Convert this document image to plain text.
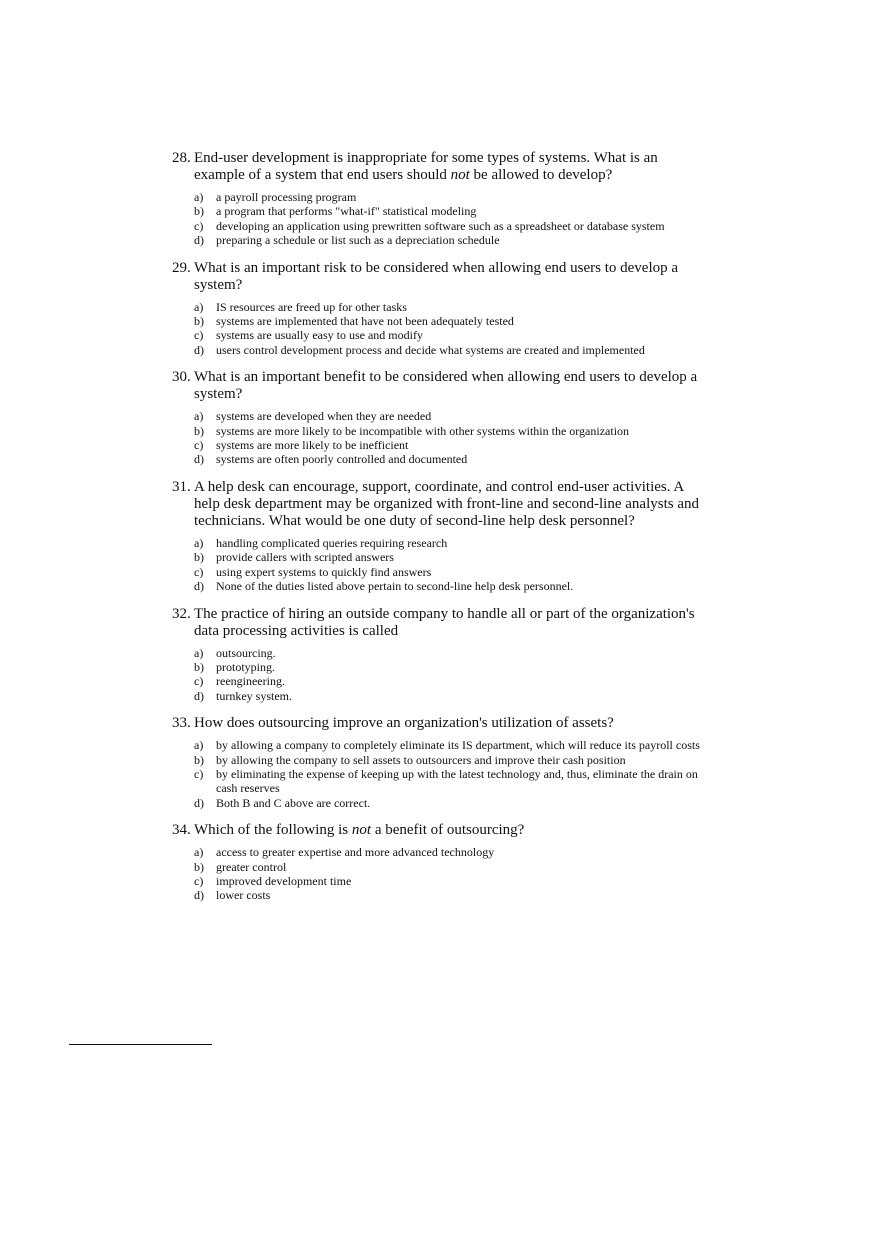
28. End-user development is inappropriate for some types of systems. What is an example of a system that end users should not be allowed to develop?
a)	a payroll processing program
b)	a program that performs "what-if" statistical modeling
c)	developing an application using prewritten software such as a spreadsheet or database system
d)	preparing a schedule or list such as a depreciation schedule
29. What is an important risk to be considered when allowing end users to develop a system?
a)	IS resources are freed up for other tasks
b)	systems are implemented that have not been adequately tested
c)	systems are usually easy to use and modify
d)	users control development process and decide what systems are created and implemented
30. What is an important benefit to be considered when allowing end users to develop a system?
a)	systems are developed when they are needed
b)	systems are more likely to be incompatible with other systems within the organization
c)	systems are more likely to be inefficient
d)	systems are often poorly controlled and documented
31. A help desk can encourage, support, coordinate, and control end-user activities. A help desk department may be organized with front-line and second-line analysts and technicians. What would be one duty of second-line help desk personnel?
a)	handling complicated queries requiring research
b)	provide callers with scripted answers
c)	using expert systems to quickly find answers
d)	None of the duties listed above pertain to second-line help desk personnel.
32. The practice of hiring an outside company to handle all or part of the organization's data processing activities is called
a)	outsourcing.
b)	prototyping.
c)	reengineering.
d)	turnkey system.
33. How does outsourcing improve an organization's utilization of assets?
a)	by allowing a company to completely eliminate its IS department, which will reduce its payroll costs
b)	by allowing the company to sell assets to outsourcers and improve their cash position
c)	by eliminating the expense of keeping up with the latest technology and, thus, eliminate the drain on cash reserves
d)	Both B and C above are correct.
34. Which of the following is not a benefit of outsourcing?
a)	access to greater expertise and more advanced technology
b)	greater control
c)	improved development time
d)	lower costs
